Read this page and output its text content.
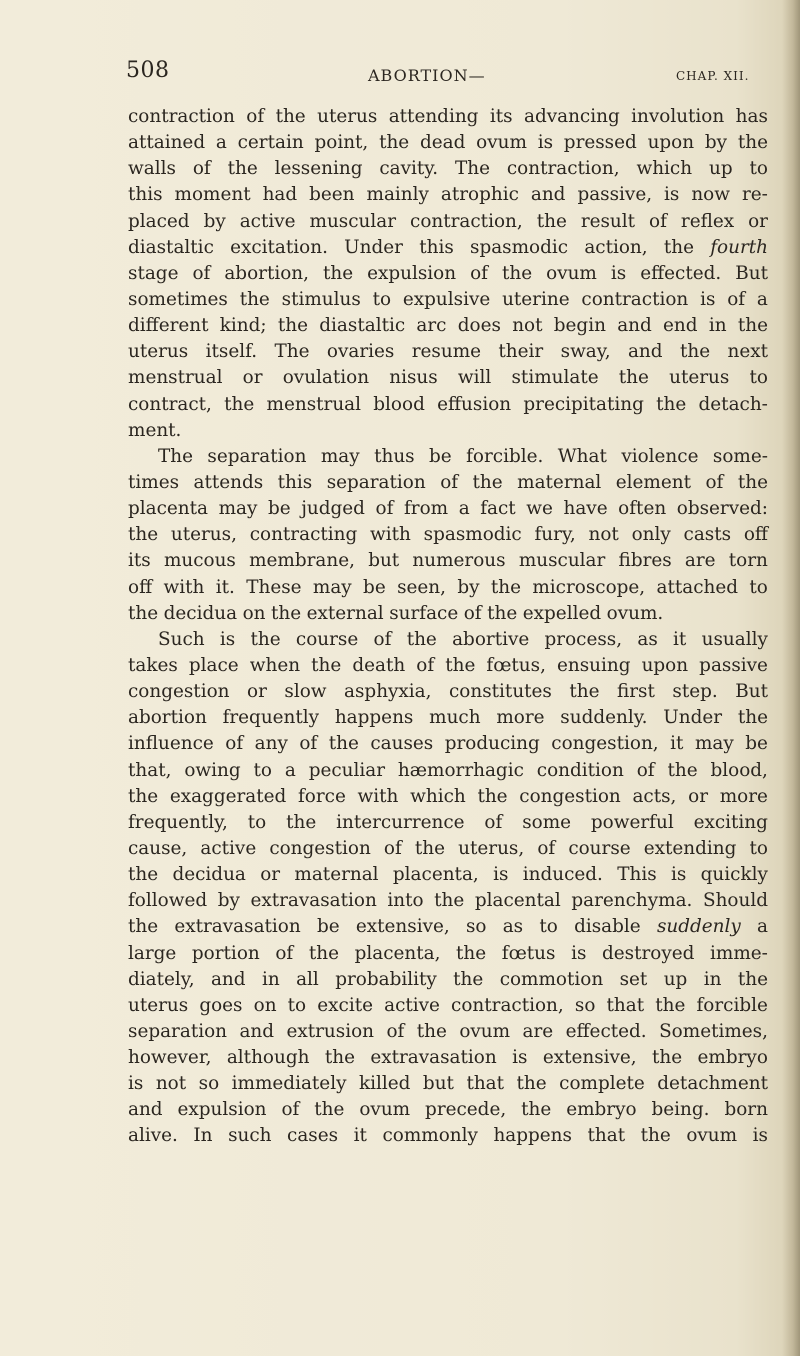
508	ABORTION—	CHAP. XII.
contraction of the uterus attending its advancing involution has
attained a certain point, the dead ovum is pressed upon by the
walls of the lessening cavity. The contraction, which up to
this moment had been mainly atrophic and passive, is now re-
placed by active muscular contraction, the result of reflex or
diastaltic excitation. Under this spasmodic action, the fourth
stage of abortion, the expulsion of the ovum is effected. But
sometimes the stimulus to expulsive uterine contraction is of a
different kind; the diastaltic arc does not begin and end in the
uterus itself. The ovaries resume their sway, and the next
menstrual or ovulation nisus will stimulate the uterus to
contract, the menstrual blood effusion precipitating the detach-
ment.
The separation may thus be forcible. What violence some-
times attends this separation of the maternal element of the
placenta may be judged of from a fact we have often observed:
the uterus, contracting with spasmodic fury, not only casts off
its mucous membrane, but numerous muscular fibres are torn
off with it. These may be seen, by the microscope, attached to
the decidua on the external surface of the expelled ovum.
Such is the course of the abortive process, as it usually
takes place when the death of the fœtus, ensuing upon passive
congestion or slow asphyxia, constitutes the first step. But
abortion frequently happens much more suddenly. Under the
influence of any of the causes producing congestion, it may be
that, owing to a peculiar hæmorrhagic condition of the blood,
the exaggerated force with which the congestion acts, or more
frequently, to the intercurrence of some powerful exciting
cause, active congestion of the uterus, of course extending to
the decidua or maternal placenta, is induced. This is quickly
followed by extravasation into the placental parenchyma. Should
the extravasation be extensive, so as to disable suddenly a
large portion of the placenta, the fœtus is destroyed imme-
diately, and in all probability the commotion set up in the
uterus goes on to excite active contraction, so that the forcible
separation and extrusion of the ovum are effected. Sometimes,
however, although the extravasation is extensive, the embryo
is not so immediately killed but that the complete detachment
and expulsion of the ovum precede, the embryo being. born
alive. In such cases it commonly happens that the ovum is
